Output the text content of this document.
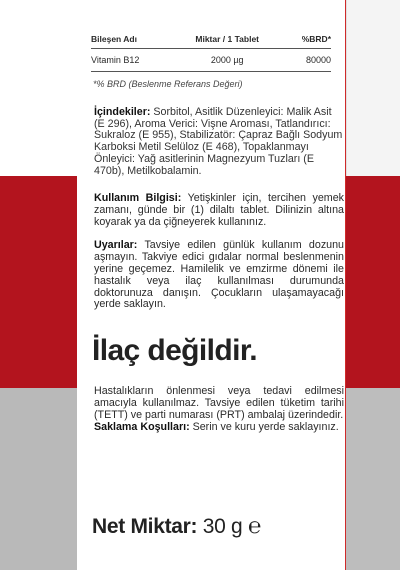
Bileşen Adı	Miktar / 1 Tablet	%BRD*
Vitamin B12	2000 µg	80000
*% BRD (Beslenme Referans Değeri)
İçindekiler: Sorbitol, Asitlik Düzenleyici: Malik Asit (E 296), Aroma Verici: Vişne Aroması, Tatlandırıcı: Sukraloz (E 955), Stabilizatör: Çapraz Bağlı Sodyum Karboksi Metil Selüloz (E 468), Topaklanmayı Önleyici: Yağ asitlerinin Magnezyum Tuzları (E 470b), Metilkobalamin.
Kullanım Bilgisi: Yetişkinler için, tercihen yemek zamanı, günde bir (1) dilaltı tablet. Dilinizin altına koyarak ya da çiğneyerek kullanınız.
Uyarılar: Tavsiye edilen günlük kullanım dozunu aşmayın. Takviye edici gıdalar normal beslenmenin yerine geçemez. Hamilelik ve emzirme dönemi ile hastalık veya ilaç kullanılması durumunda doktorunuza danışın. Çocukların ulaşamayacağı yerde saklayın.
İlaç değildir.
Hastalıkların önlenmesi veya tedavi edilmesi amacıyla kullanılmaz. Tavsiye edilen tüketim tarihi (TETT) ve parti numarası (PRT) ambalaj üzerindedir.
Saklama Koşulları: Serin ve kuru yerde saklayınız.
Net Miktar: 30 g ℮
